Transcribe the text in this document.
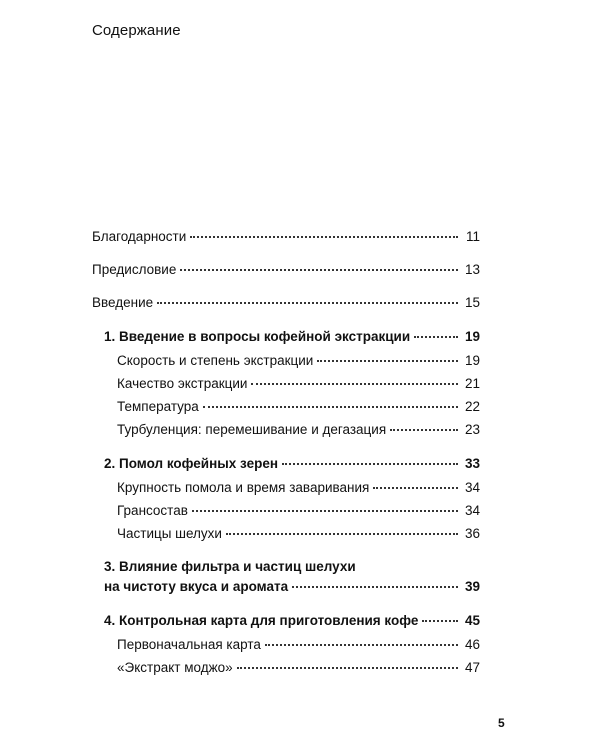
Содержание
Благодарности	11
Предисловие	13
Введение	15
1. Введение в вопросы кофейной экстракции	19
Скорость и степень экстракции	19
Качество экстракции	21
Температура	22
Турбуленция: перемешивание и дегазация	23
2. Помол кофейных зерен	33
Крупность помола и время заваривания	34
Грансостав	34
Частицы шелухи	36
3. Влияние фильтра и частиц шелухи
на чистоту вкуса и аромата	39
4. Контрольная карта для приготовления кофе	45
Первоначальная карта	46
«Экстракт моджо»	47

5
